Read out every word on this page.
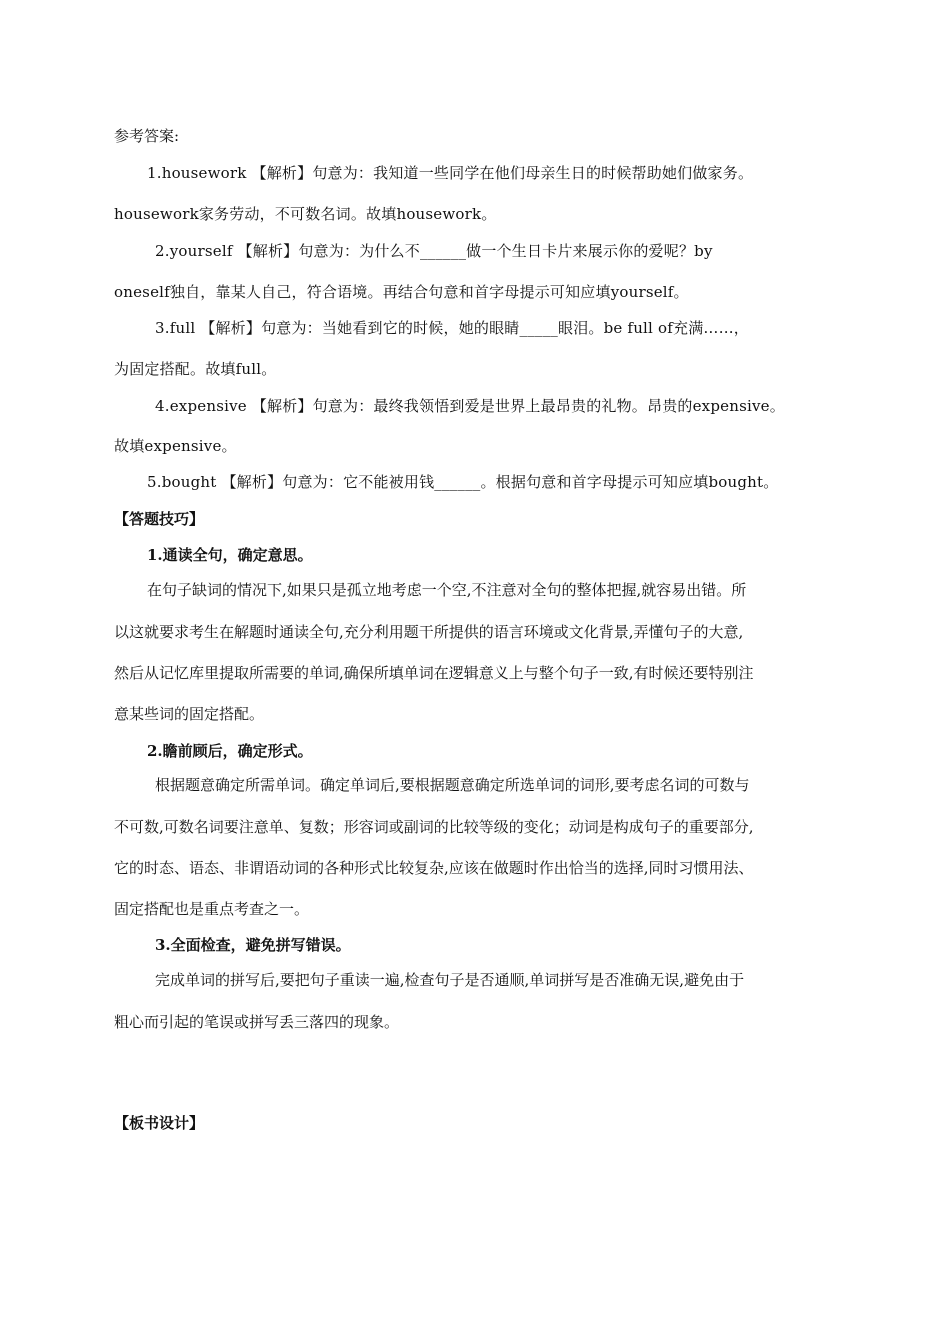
参考答案:
1.housework 【解析】句意为：我知道一些同学在他们母亲生日的时候帮助她们做家务。
housework家务劳动，不可数名词。故填housework。
2.yourself 【解析】句意为：为什么不______做一个生日卡片来展示你的爱呢？by
oneself独自，靠某人自己，符合语境。再结合句意和首字母提示可知应填yourself。
3.full 【解析】句意为：当她看到它的时候，她的眼睛_____眼泪。be full of充满……，
为固定搭配。故填full。
4.expensive 【解析】句意为：最终我领悟到爱是世界上最昂贵的礼物。昂贵的expensive。
故填expensive。
5.bought 【解析】句意为：它不能被用钱______。根据句意和首字母提示可知应填bought。
【答题技巧】
1.通读全句，确定意思。
在句子缺词的情况下,如果只是孤立地考虑一个空,不注意对全句的整体把握,就容易出错。所
以这就要求考生在解题时通读全句,充分利用题干所提供的语言环境或文化背景,弄懂句子的大意,
然后从记忆库里提取所需要的单词,确保所填单词在逻辑意义上与整个句子一致,有时候还要特别注
意某些词的固定搭配。
2.瞻前顾后，确定形式。
根据题意确定所需单词。确定单词后,要根据题意确定所选单词的词形,要考虑名词的可数与
不可数,可数名词要注意单、复数；形容词或副词的比较等级的变化；动词是构成句子的重要部分,
它的时态、语态、非谓语动词的各种形式比较复杂,应该在做题时作出恰当的选择,同时习惯用法、
固定搭配也是重点考查之一。
3.全面检查，避免拼写错误。
完成单词的拼写后,要把句子重读一遍,检查句子是否通顺,单词拼写是否准确无误,避免由于
粗心而引起的笔误或拼写丢三落四的现象。
【板书设计】
